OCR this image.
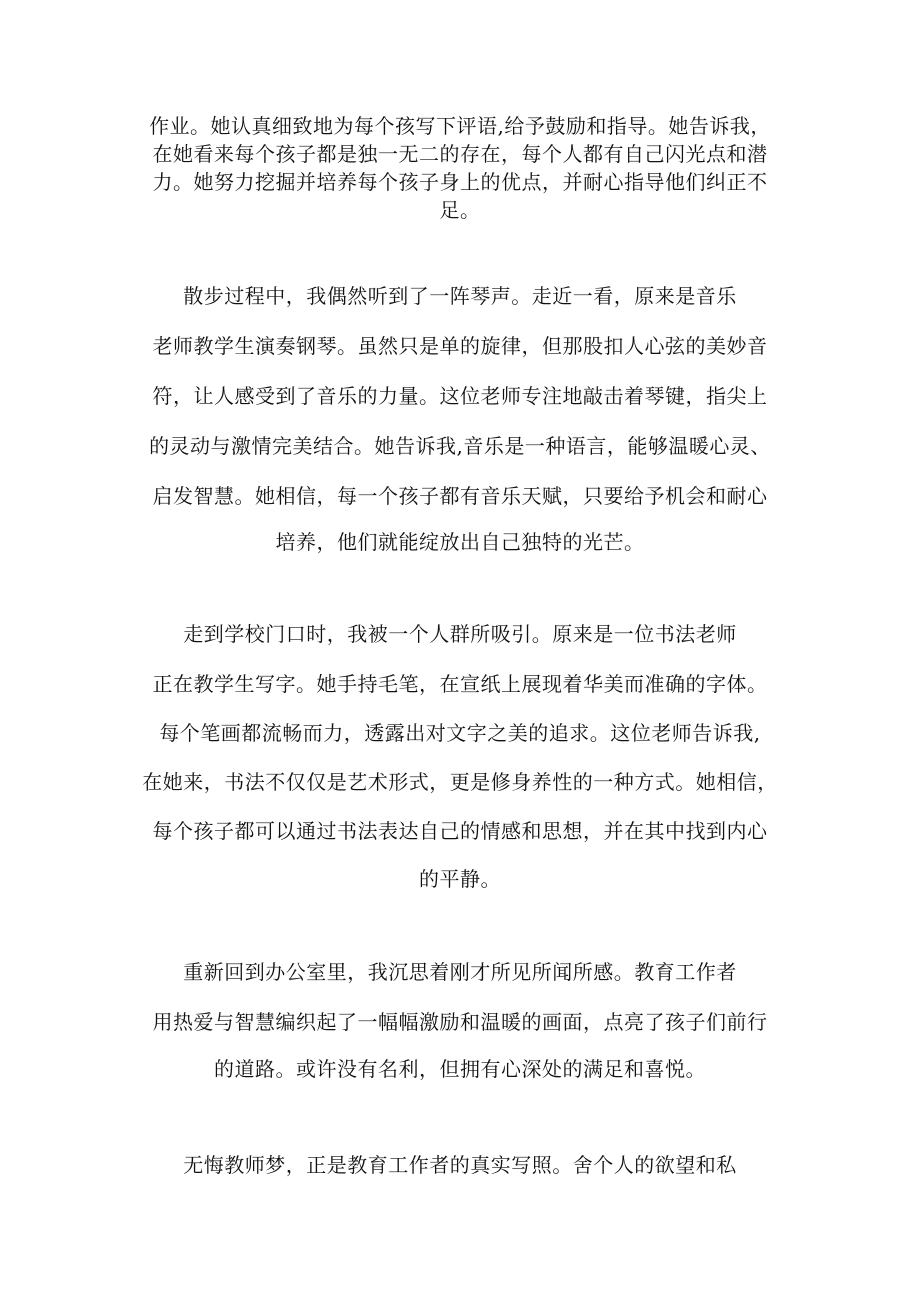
作业。她认真细致地为每个孩写下评语,给予鼓励和指导。她告诉我，
在她看来每个孩子都是独一无二的存在，每个人都有自己闪光点和潜
力。她努力挖掘并培养每个孩子身上的优点，并耐心指导他们纠正不
足。
散步过程中，我偶然听到了一阵琴声。走近一看，原来是音乐
老师教学生演奏钢琴。虽然只是单的旋律，但那股扣人心弦的美妙音
符，让人感受到了音乐的力量。这位老师专注地敲击着琴键，指尖上
的灵动与激情完美结合。她告诉我,音乐是一种语言，能够温暖心灵、
启发智慧。她相信，每一个孩子都有音乐天赋，只要给予机会和耐心
培养，他们就能绽放出自己独特的光芒。
走到学校门口时，我被一个人群所吸引。原来是一位书法老师
正在教学生写字。她手持毛笔，在宣纸上展现着华美而准确的字体。
每个笔画都流畅而力，透露出对文字之美的追求。这位老师告诉我,
在她来，书法不仅仅是艺术形式，更是修身养性的一种方式。她相信，
每个孩子都可以通过书法表达自己的情感和思想，并在其中找到内心
的平静。
重新回到办公室里，我沉思着刚才所见所闻所感。教育工作者
用热爱与智慧编织起了一幅幅激励和温暖的画面，点亮了孩子们前行
的道路。或许没有名利，但拥有心深处的满足和喜悦。
无悔教师梦，正是教育工作者的真实写照。舍个人的欲望和私
